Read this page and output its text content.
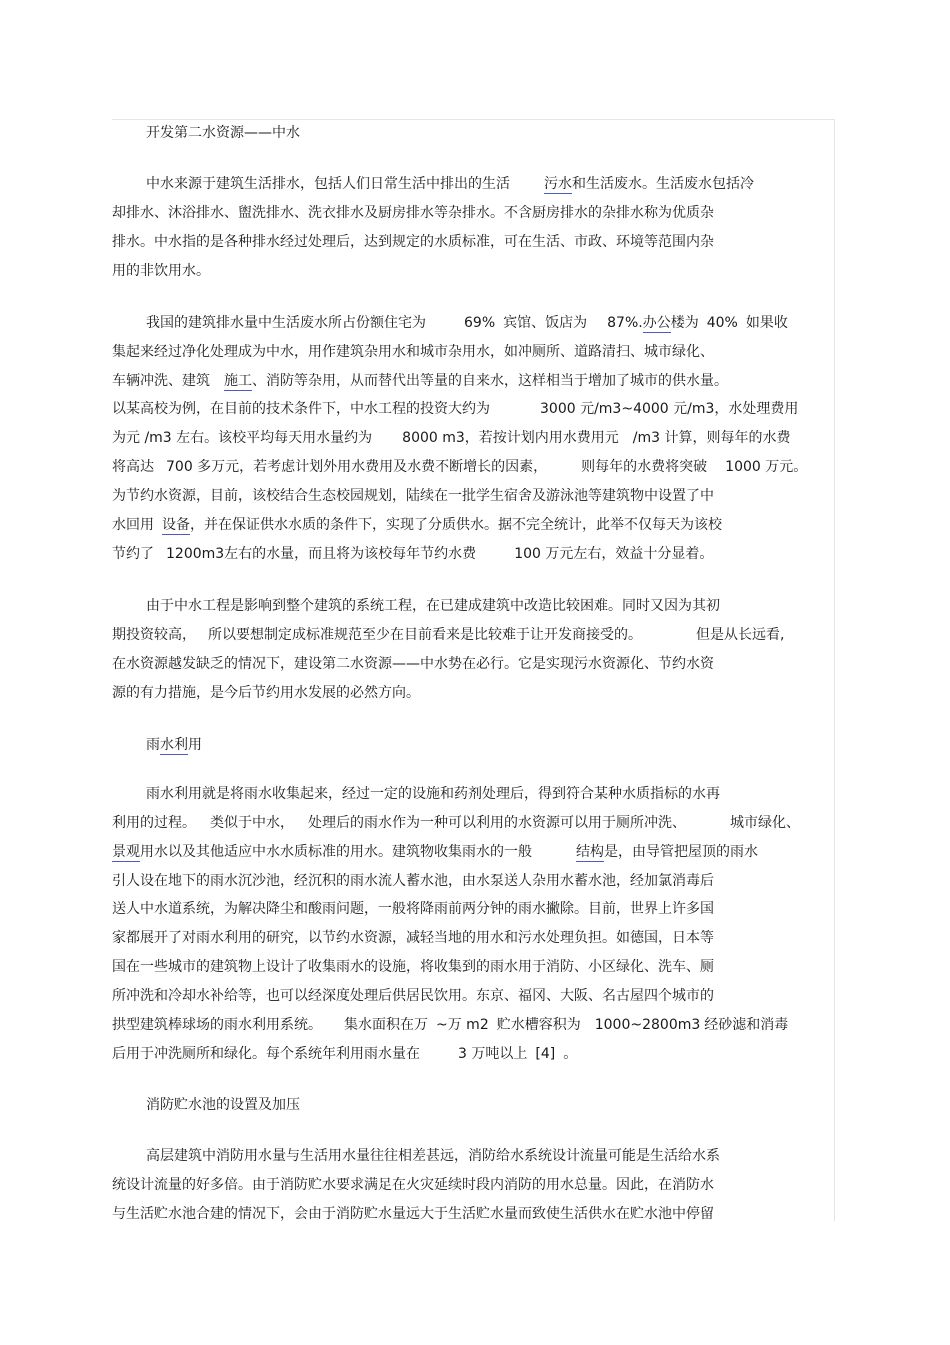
开发第二水资源——中水
中水来源于建筑生活排水，包括人们日常生活中排出的生活 污水和生活废水。生活废水包括冷
却排水、沐浴排水、盥洗排水、洗衣排水及厨房排水等杂排水。不含厨房排水的杂排水称为优质杂
排水。中水指的是各种排水经过处理后，达到规定的水质标准，可在生活、市政、环境等范围内杂
用的非饮用水。
我国的建筑排水量中生活废水所占份额住宅为	69% 宾馆、饭店为 87%.办公楼为 40% 如果收
集起来经过净化处理成为中水，用作建筑杂用水和城市杂用水，如冲厕所、道路清扫、城市绿化、
车辆冲洗、建筑 施工、消防等杂用，从而替代出等量的自来水，这样相当于增加了城市的供水量。
以某高校为例，在目前的技术条件下，中水工程的投资大约为	3000 元/m3~4000 元/m3，水处理费用
为元 /m3 左右。该校平均每天用水量约为 8000 m3，若按计划内用水费用元 /m3 计算，则每年的水费
将高达 700 多万元，若考虑计划外用水费用及水费不断增长的因素， 则每年的水费将突破 1000 万元。
为节约水资源，目前，该校结合生态校园规划，陆续在一批学生宿舍及游泳池等建筑物中设置了中
水回用 设备，并在保证供水水质的条件下，实现了分质供水。据不完全统计，此举不仅每天为该校
节约了 1200m3左右的水量，而且将为该校每年节约水费	100 万元左右，效益十分显着。
由于中水工程是影响到整个建筑的系统工程，在已建成建筑中改造比较困难。同时又因为其初
期投资较高， 所以要想制定成标准规范至少在目前看来是比较难于让开发商接受的。	但是从长远看,
在水资源越发缺乏的情况下，建设第二水资源——中水势在必行。它是实现污水资源化、节约水资
源的有力措施，是今后节约用水发展的必然方向。
雨水利用
雨水利用就是将雨水收集起来，经过一定的设施和药剂处理后，得到符合某种水质指标的水再
利用的过程。 类似于中水， 处理后的雨水作为一种可以利用的水资源可以用于厕所冲洗、	城市绿化、
景观用水以及其他适应中水水质标准的用水。建筑物收集雨水的一般	结构是，由导管把屋顶的雨水
引人设在地下的雨水沉沙池，经沉积的雨水流人蓄水池，由水泵送人杂用水蓄水池，经加氯消毒后
送人中水道系统，为解决降尘和酸雨问题，一般将降雨前两分钟的雨水撇除。目前，世界上许多国
家都展开了对雨水利用的研究，以节约水资源，减轻当地的用水和污水处理负担。如德国，日本等
国在一些城市的建筑物上设计了收集雨水的设施，将收集到的雨水用于消防、小区绿化、洗车、厕
所冲洗和冷却水补给等，也可以经深度处理后供居民饮用。东京、福冈、大阪、名古屋四个城市的
拱型建筑棒球场的雨水利用系统。 集水面积在万 ~万 m2 贮水槽容积为 1000~2800m3 经砂滤和消毒
后用于冲洗厕所和绿化。每个系统年利用雨水量在	3 万吨以上 [4] 。
消防贮水池的设置及加压
高层建筑中消防用水量与生活用水量往往相差甚远，消防给水系统设计流量可能是生活给水系
统设计流量的好多倍。由于消防贮水要求满足在火灾延续时段内消防的用水总量。因此，在消防水
与生活贮水池合建的情况下，会由于消防贮水量远大于生活贮水量而致使生活供水在贮水池中停留
